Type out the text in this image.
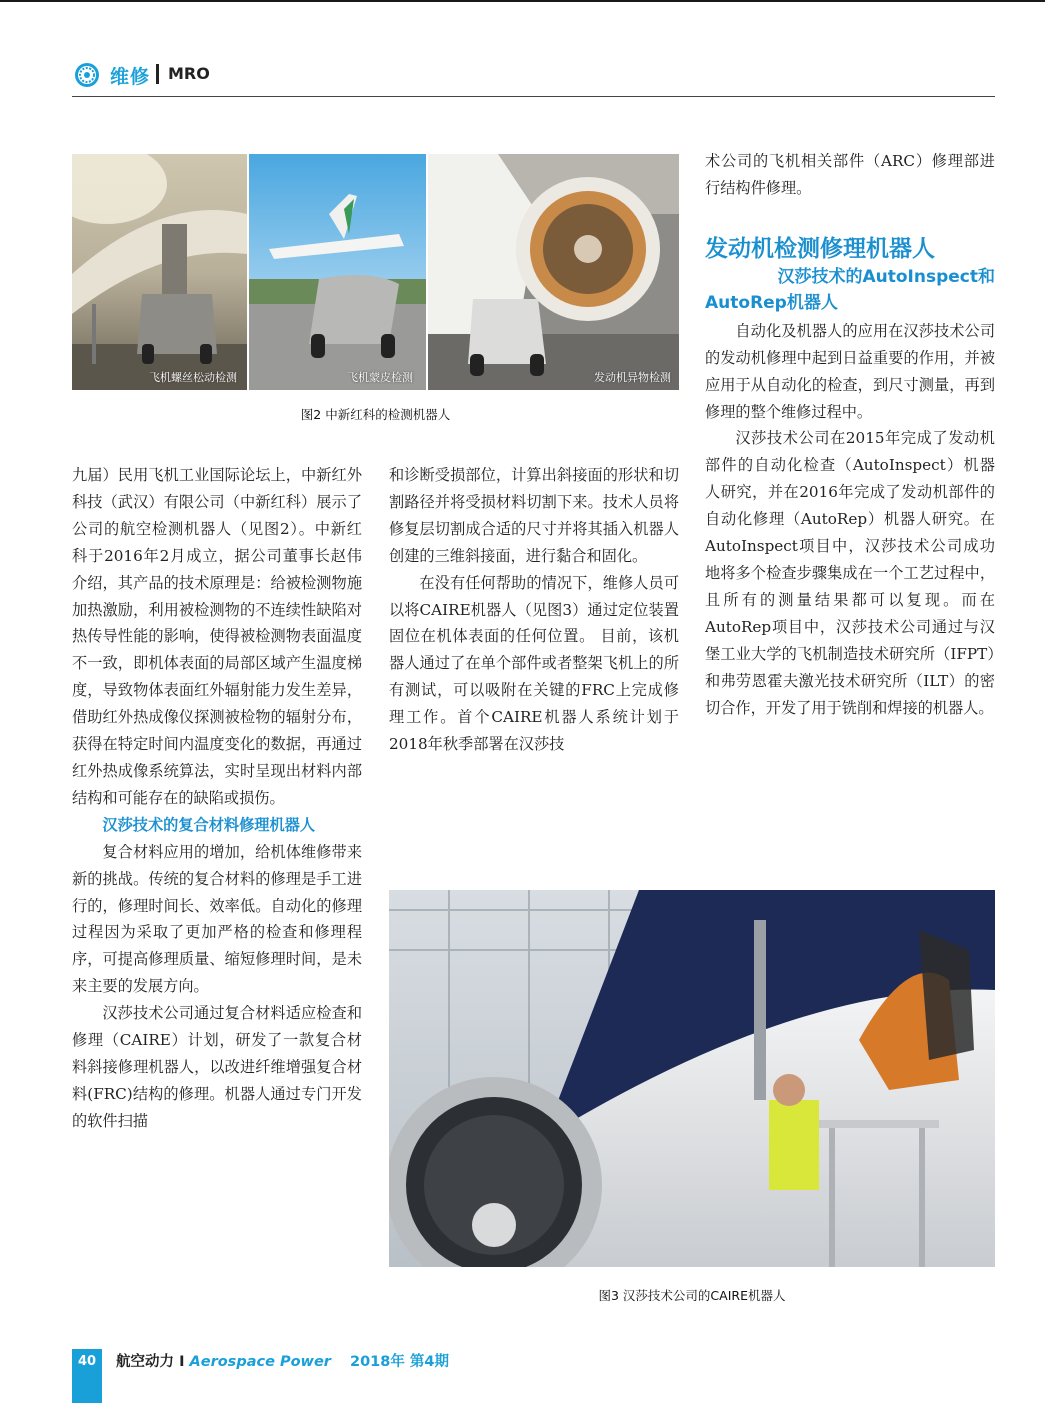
维修 MRO
飞机螺丝松动检测	飞机蒙皮检测	发动机异物检测
图2 中新红科的检测机器人

九届）民用飞机工业国际论坛上，中新红外科技（武汉）有限公司（中新红科）展示了公司的航空检测机器人（见图2）。中新红科于2016年2月成立，据公司董事长赵伟介绍，其产品的技术原理是：给被检测物施加热激励，利用被检测物的不连续性缺陷对热传导性能的影响，使得被检测物表面温度不一致，即机体表面的局部区域产生温度梯度，导致物体表面红外辐射能力发生差异，借助红外热成像仪探测被检物的辐射分布，获得在特定时间内温度变化的数据，再通过红外热成像系统算法，实时呈现出材料内部结构和可能存在的缺陷或损伤。

汉莎技术的复合材料修理机器人

复合材料应用的增加，给机体维修带来新的挑战。传统的复合材料的修理是手工进行的，修理时间长、效率低。自动化的修理过程因为采取了更加严格的检查和修理程序，可提高修理质量、缩短修理时间，是未来主要的发展方向。

汉莎技术公司通过复合材料适应检查和修理（CAIRE）计划，研发了一款复合材料斜接修理机器人，以改进纤维增强复合材料(FRC)结构的修理。机器人通过专门开发的软件扫描

和诊断受损部位，计算出斜接面的形状和切割路径并将受损材料切割下来。技术人员将修复层切割成合适的尺寸并将其插入机器人创建的三维斜接面，进行黏合和固化。

在没有任何帮助的情况下，维修人员可以将CAIRE机器人（见图3）通过定位装置固位在机体表面的任何位置。 目前，该机器人通过了在单个部件或者整架飞机上的所有测试，可以吸附在关键的FRC上完成修理工作。首个CAIRE机器人系统计划于2018年秋季部署在汉莎技

术公司的飞机相关部件（ARC）修理部进行结构件修理。

发动机检测修理机器人

汉莎技术的AutoInspect和

AutoRep机器人

自动化及机器人的应用在汉莎技术公司的发动机修理中起到日益重要的作用，并被应用于从自动化的检查，到尺寸测量，再到修理的整个维修过程中。

汉莎技术公司在2015年完成了发动机部件的自动化检查（AutoInspect）机器人研究，并在2016年完成了发动机部件的自动化修理（AutoRep）机器人研究。在AutoInspect项目中，汉莎技术公司成功地将多个检查步骤集成在一个工艺过程中，且所有的测量结果都可以复现。而在AutoRep项目中，汉莎技术公司通过与汉堡工业大学的飞机制造技术研究所（IFPT）和弗劳恩霍夫激光技术研究所（ILT）的密切合作，开发了用于铣削和焊接的机器人。

图3 汉莎技术公司的CAIRE机器人
40	航空动力 I Aerospace Power 2018年 第4期
